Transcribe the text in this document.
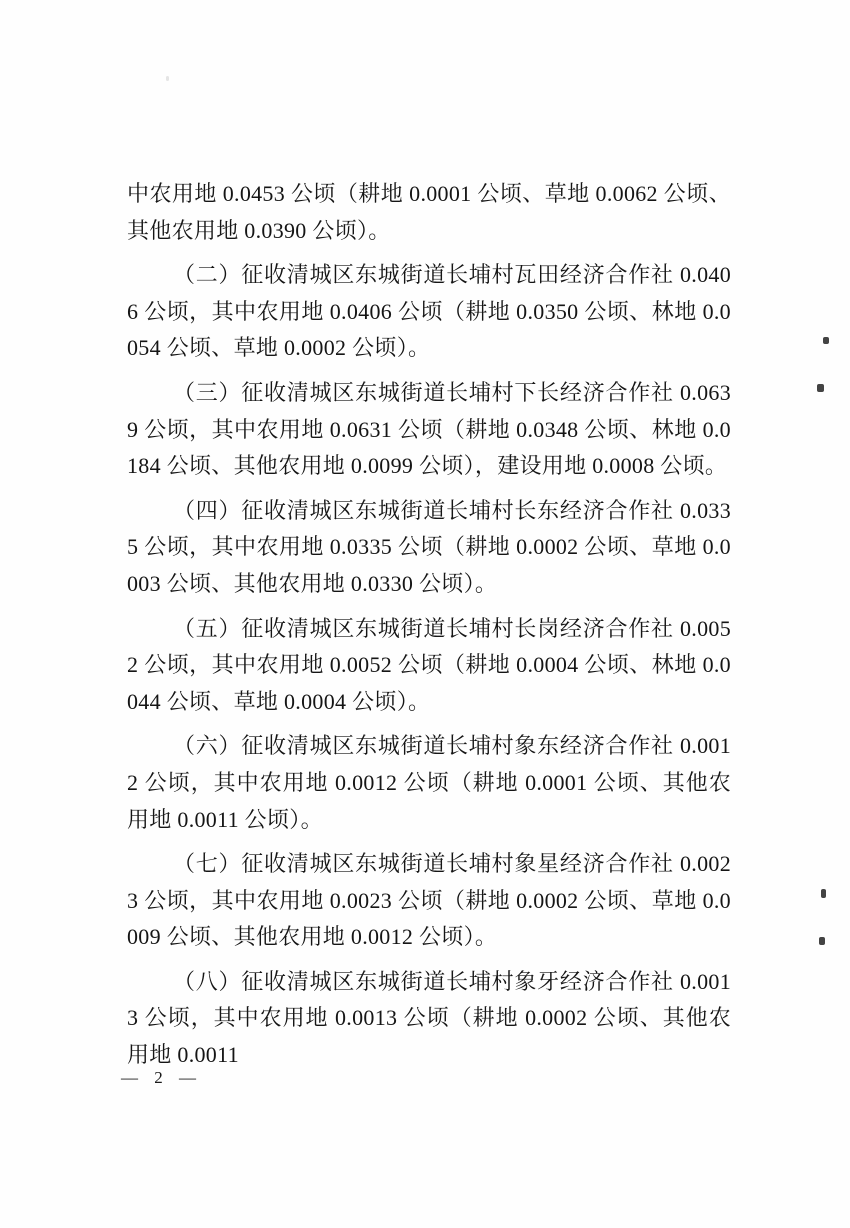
中农用地 0.0453 公顷（耕地 0.0001 公顷、草地 0.0062 公顷、其他农用地 0.0390 公顷）。

（二）征收清城区东城街道长埔村瓦田经济合作社 0.0406 公顷，其中农用地 0.0406 公顷（耕地 0.0350 公顷、林地 0.0054 公顷、草地 0.0002 公顷）。

（三）征收清城区东城街道长埔村下长经济合作社 0.0639 公顷，其中农用地 0.0631 公顷（耕地 0.0348 公顷、林地 0.0184 公顷、其他农用地 0.0099 公顷），建设用地 0.0008 公顷。

（四）征收清城区东城街道长埔村长东经济合作社 0.0335 公顷，其中农用地 0.0335 公顷（耕地 0.0002 公顷、草地 0.0003 公顷、其他农用地 0.0330 公顷）。

（五）征收清城区东城街道长埔村长岗经济合作社 0.0052 公顷，其中农用地 0.0052 公顷（耕地 0.0004 公顷、林地 0.0044 公顷、草地 0.0004 公顷）。

（六）征收清城区东城街道长埔村象东经济合作社 0.0012 公顷，其中农用地 0.0012 公顷（耕地 0.0001 公顷、其他农用地 0.0011 公顷）。

（七）征收清城区东城街道长埔村象星经济合作社 0.0023 公顷，其中农用地 0.0023 公顷（耕地 0.0002 公顷、草地 0.0009 公顷、其他农用地 0.0012 公顷）。

（八）征收清城区东城街道长埔村象牙经济合作社 0.0013 公顷，其中农用地 0.0013 公顷（耕地 0.0002 公顷、其他农用地 0.0011

— 2 —
